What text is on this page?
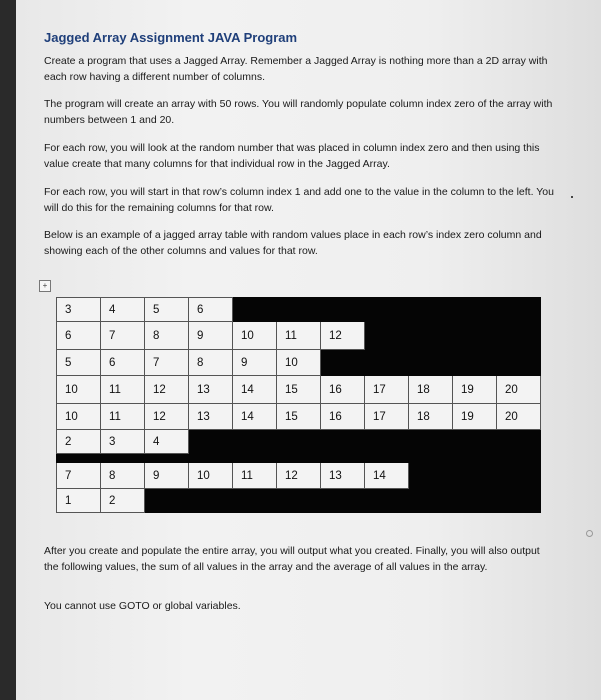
Jagged Array Assignment JAVA Program
Create a program that uses a Jagged Array. Remember a Jagged Array is nothing more than a 2D array with each row having a different number of columns.
The program will create an array with 50 rows. You will randomly populate column index zero of the array with numbers between 1 and 20.
For each row, you will look at the random number that was placed in column index zero and then using this value create that many columns for that individual row in the Jagged Array.
For each row, you will start in that row’s column index 1 and add one to the value in the column to the left. You will do this for the remaining columns for that row.
Below is an example of a jagged array table with random values place in each row’s index zero column and showing each of the other columns and values for that row.
+
3	4	5	6							
6	7	8	9	10	11	12				
5	6	7	8	9	10					
10	11	12	13	14	15	16	17	18	19	20
10	11	12	13	14	15	16	17	18	19	20
2	3	4								

7	8	9	10	11	12	13	14			
1	2									
After you create and populate the entire array, you will output what you created. Finally, you will also output the following values, the sum of all values in the array and the average of all values in the array.
You cannot use GOTO or global variables.
